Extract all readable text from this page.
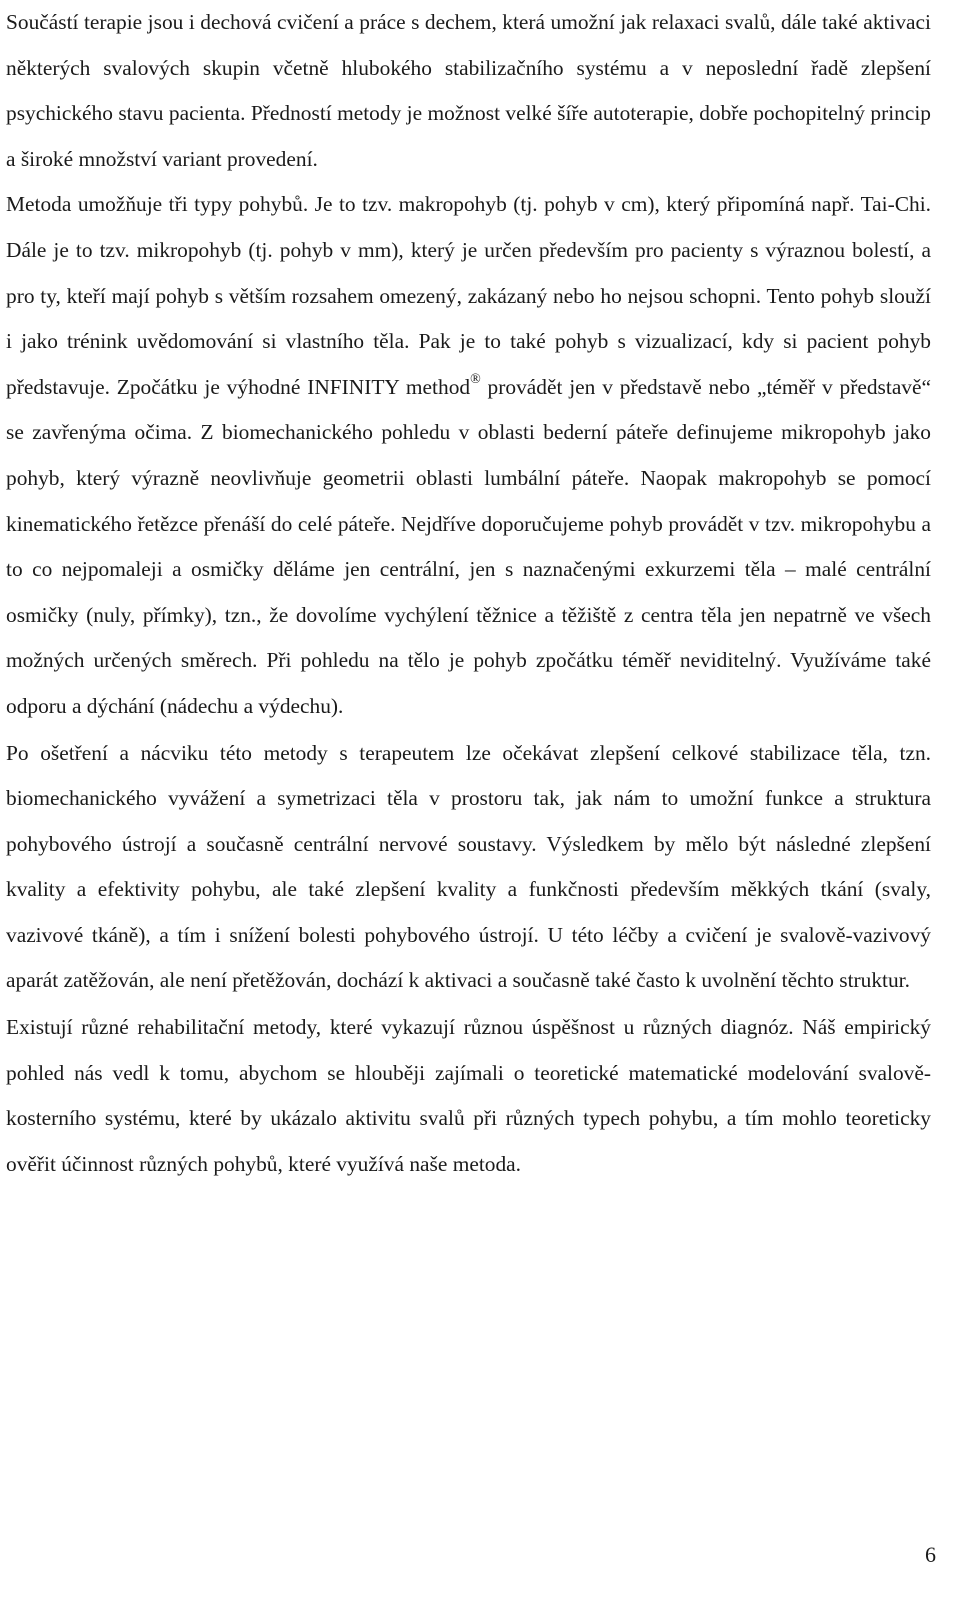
Součástí terapie jsou i dechová cvičení a práce s dechem, která umožní jak relaxaci svalů, dále také aktivaci některých svalových skupin včetně hlubokého stabilizačního systému a v neposlední řadě zlepšení psychického stavu pacienta. Předností metody je možnost velké šíře autoterapie, dobře pochopitelný princip a široké množství variant provedení.

Metoda umožňuje tři typy pohybů. Je to tzv. makropohyb (tj. pohyb v cm), který připomíná např. Tai-Chi. Dále je to tzv. mikropohyb (tj. pohyb v mm), který je určen především pro pacienty s výraznou bolestí, a pro ty, kteří mají pohyb s větším rozsahem omezený, zakázaný nebo ho nejsou schopni. Tento pohyb slouží i jako trénink uvědomování si vlastního těla. Pak je to také pohyb s vizualizací, kdy si pacient pohyb představuje. Zpočátku je výhodné INFINITY method® provádět jen v představě nebo „téměř v představě“ se zavřenýma očima. Z biomechanického pohledu v oblasti bederní páteře definujeme mikropohyb jako pohyb, který výrazně neovlivňuje geometrii oblasti lumbální páteře. Naopak makropohyb se pomocí kinematického řetězce přenáší do celé páteře. Nejdříve doporučujeme pohyb provádět v tzv. mikropohybu a to co nejpomaleji a osmičky děláme jen centrální, jen s naznačenými exkurzemi těla – malé centrální osmičky (nuly, přímky), tzn., že dovolíme vychýlení těžnice a těžiště z centra těla jen nepatrně ve všech možných určených směrech. Při pohledu na tělo je pohyb zpočátku téměř neviditelný. Využíváme také odporu a dýchání (nádechu a výdechu).

Po ošetření a nácviku této metody s terapeutem lze očekávat zlepšení celkové stabilizace těla, tzn. biomechanického vyvážení a symetrizaci těla v prostoru tak, jak nám to umožní funkce a struktura pohybového ústrojí a současně centrální nervové soustavy. Výsledkem by mělo být následné zlepšení kvality a efektivity pohybu, ale také zlepšení kvality a funkčnosti především měkkých tkání (svaly, vazivové tkáně), a tím i snížení bolesti pohybového ústrojí. U této léčby a cvičení je svalově-vazivový aparát zatěžován, ale není přetěžován, dochází k aktivaci a současně také často k uvolnění těchto struktur.

Existují různé rehabilitační metody, které vykazují různou úspěšnost u různých diagnóz. Náš empirický pohled nás vedl k tomu, abychom se hlouběji zajímali o teoretické matematické modelování svalově-kosterního systému, které by ukázalo aktivitu svalů při různých typech pohybu, a tím mohlo teoreticky ověřit účinnost různých pohybů, které využívá naše metoda.

6
